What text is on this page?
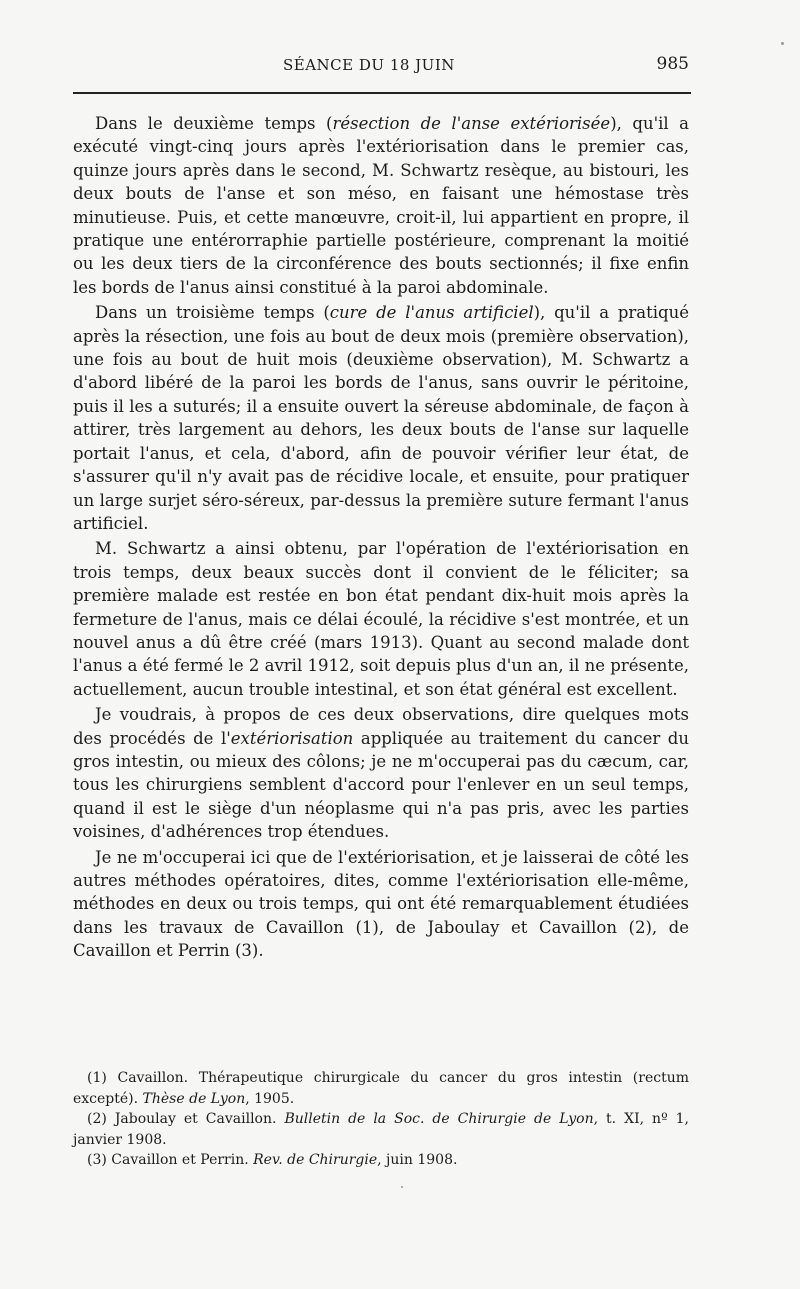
SÉANCE DU 18 JUIN	985

Dans le deuxième temps (résection de l'anse extériorisée), qu'il a exécuté vingt-cinq jours après l'extériorisation dans le premier cas, quinze jours après dans le second, M. Schwartz resèque, au bistouri, les deux bouts de l'anse et son méso, en faisant une hémostase très minutieuse. Puis, et cette manœuvre, croit-il, lui appartient en propre, il pratique une entérorraphie partielle postérieure, comprenant la moitié ou les deux tiers de la circonférence des bouts sectionnés; il fixe enfin les bords de l'anus ainsi constitué à la paroi abdominale.

Dans un troisième temps (cure de l'anus artificiel), qu'il a pratiqué après la résection, une fois au bout de deux mois (première observation), une fois au bout de huit mois (deuxième observation), M. Schwartz a d'abord libéré de la paroi les bords de l'anus, sans ouvrir le péritoine, puis il les a suturés; il a ensuite ouvert la séreuse abdominale, de façon à attirer, très largement au dehors, les deux bouts de l'anse sur laquelle portait l'anus, et cela, d'abord, afin de pouvoir vérifier leur état, de s'assurer qu'il n'y avait pas de récidive locale, et ensuite, pour pratiquer un large surjet séro-séreux, par-dessus la première suture fermant l'anus artificiel.

M. Schwartz a ainsi obtenu, par l'opération de l'extériorisation en trois temps, deux beaux succès dont il convient de le féliciter; sa première malade est restée en bon état pendant dix-huit mois après la fermeture de l'anus, mais ce délai écoulé, la récidive s'est montrée, et un nouvel anus a dû être créé (mars 1913). Quant au second malade dont l'anus a été fermé le 2 avril 1912, soit depuis plus d'un an, il ne présente, actuellement, aucun trouble intestinal, et son état général est excellent.

Je voudrais, à propos de ces deux observations, dire quelques mots des procédés de l'extériorisation appliquée au traitement du cancer du gros intestin, ou mieux des côlons; je ne m'occuperai pas du cæcum, car, tous les chirurgiens semblent d'accord pour l'enlever en un seul temps, quand il est le siège d'un néoplasme qui n'a pas pris, avec les parties voisines, d'adhérences trop étendues.

Je ne m'occuperai ici que de l'extériorisation, et je laisserai de côté les autres méthodes opératoires, dites, comme l'extériorisation elle-même, méthodes en deux ou trois temps, qui ont été remarquablement étudiées dans les travaux de Cavaillon (1), de Jaboulay et Cavaillon (2), de Cavaillon et Perrin (3).

(1) Cavaillon. Thérapeutique chirurgicale du cancer du gros intestin (rectum excepté). Thèse de Lyon, 1905.

(2) Jaboulay et Cavaillon. Bulletin de la Soc. de Chirurgie de Lyon, t. XI, nº 1, janvier 1908.

(3) Cavaillon et Perrin. Rev. de Chirurgie, juin 1908.
